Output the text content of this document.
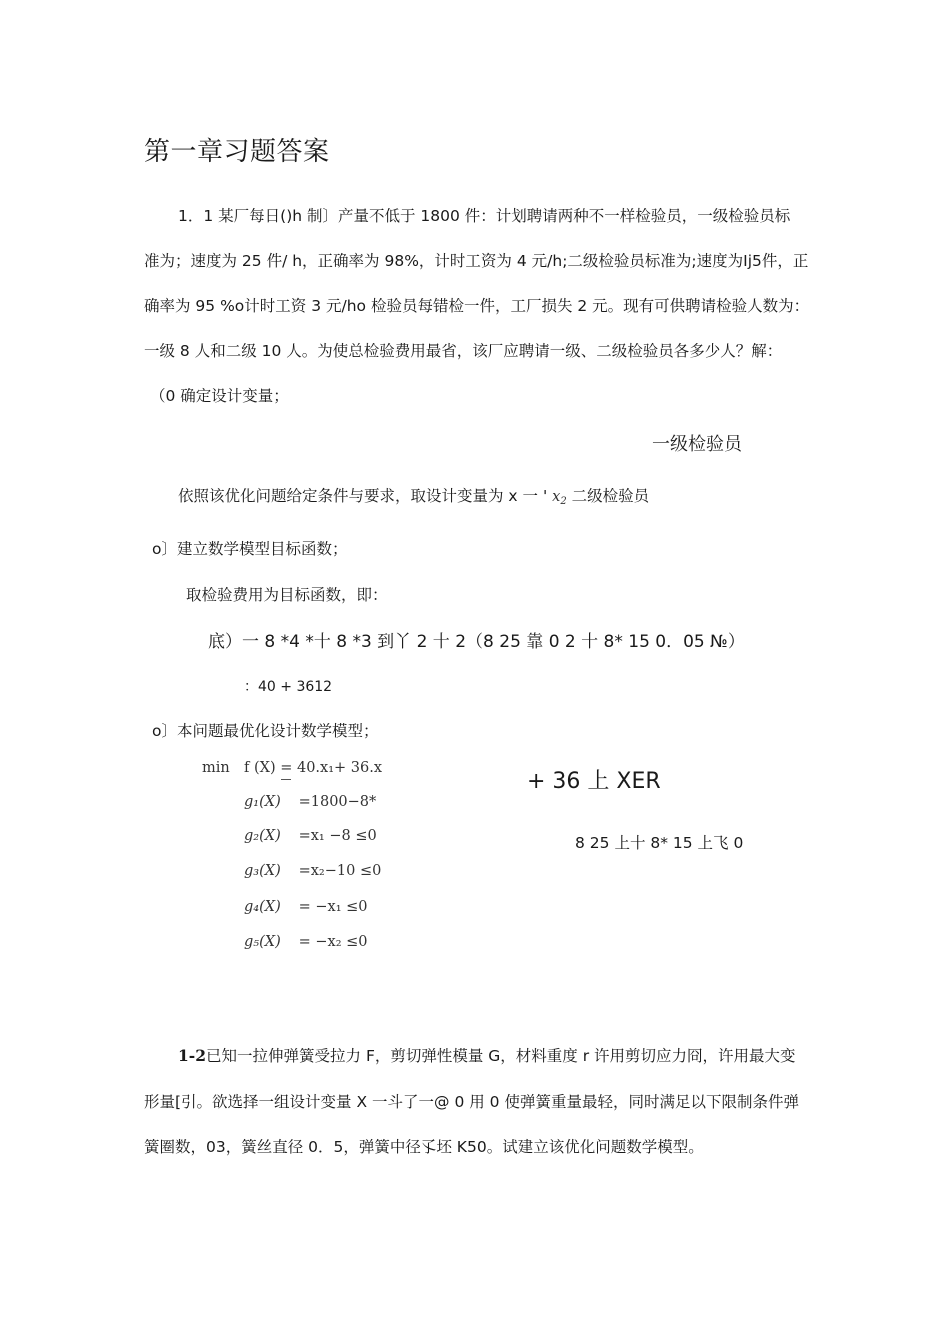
第一章习题答案
1．1 某厂每日()h 制〕产量不低于 1800 件：计划聘请两种不一样检验员，一级检验员标
准为；速度为 25 件/ h，正确率为 98%，计时工资为 4 元/h;二级检验员标准为;速度为Ij5件，正
确率为 95 %o计时工资 3 元/ho 检验员每错检一件，工厂损失 2 元。现有可供聘请检验人数为：
一级 8 人和二级 10 人。为使总检验费用最省，该厂应聘请一级、二级检验员各多少人？解：
（0 确定设计变量；
一级检验员
依照该优化问题给定条件与要求，取设计变量为 x 一 ' $x_2$ 二级检验员
o〕建立数学模型目标函数；
取检验费用为目标函数，即：
底）一 8 *4 *十 8 *3 到丫 2 十 2（8 25 靠 0 2 十 8* 15 0．05 №）
：40 + 3612
o〕本问题最优化设计数学模型；
min f (X) = 40.x₁+ 36.x
+ 36 上 XER
8 25 上十 8* 15 上飞 0
g₁(X) =1800−8*
g₂(X) =x₁ −8 ≤0
g₃(X) =x₂−10 ≤0
g₄(X) = −x₁ ≤0
g₅(X) = −x₂ ≤0
1-2已知一拉伸弹簧受拉力 F，剪切弹性模量 G，材料重度 r 许用剪切应力冏，许用最大变
形量[引。欲选择一组设计变量 X 一斗了一@ 0 用 0 使弹簧重量最轻，同时满足以下限制条件弹
簧圈数，03，簧丝直径 0．5，弹簧中径孓坯 K50。试建立该优化问题数学模型。
